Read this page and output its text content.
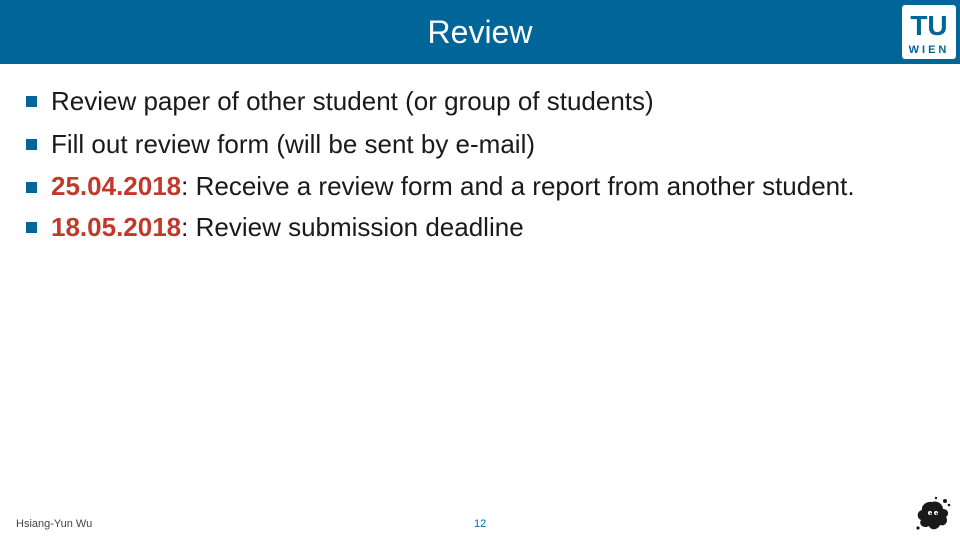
Review	TU
WIEN
Review paper of other student (or group of students)
Fill out review form (will be sent by e-mail)
25.04.2018: Receive a review form and a report from another student.
18.05.2018: Review submission deadline
Hsiang-Yun Wu	12
